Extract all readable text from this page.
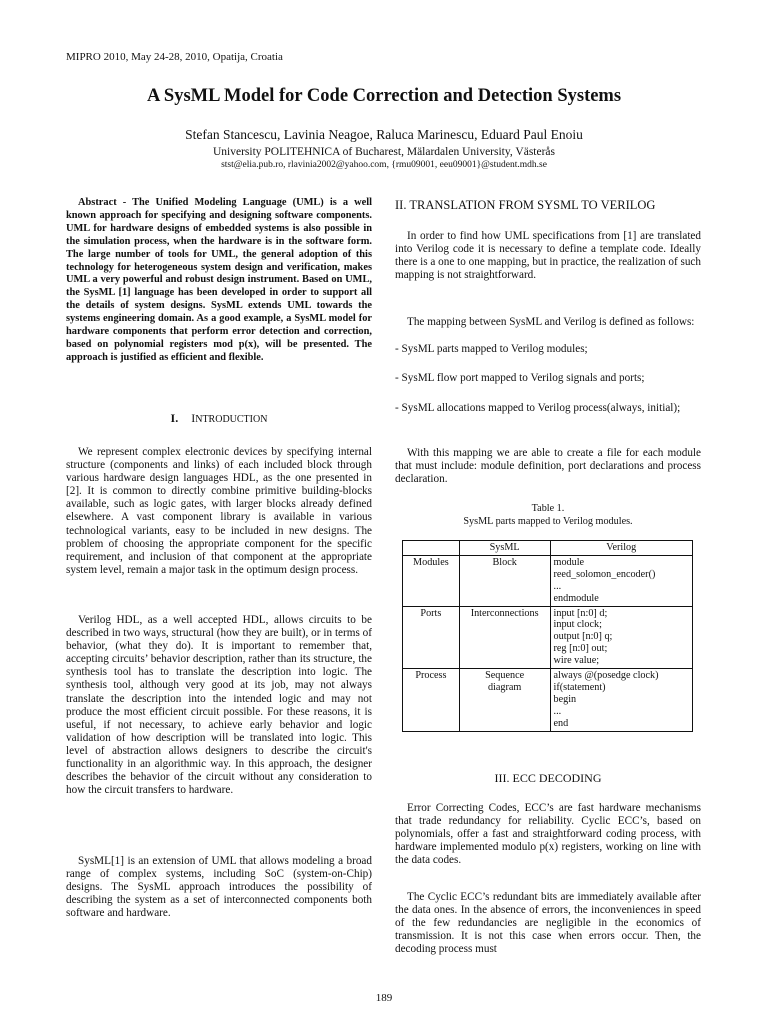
MIPRO 2010, May 24-28, 2010, Opatija, Croatia
A SysML Model for Code Correction and Detection Systems
Stefan Stancescu, Lavinia Neagoe, Raluca Marinescu, Eduard Paul Enoiu
University POLITEHNICA of Bucharest, Mälardalen University, Västerås
stst@elia.pub.ro, rlavinia2002@yahoo.com, {rmu09001, eeu09001}@student.mdh.se

Abstract - The Unified Modeling Language (UML) is a well known approach for specifying and designing software components. UML for hardware designs of embedded systems is also possible in the simulation process, when the hardware is in the software form. The large number of tools for UML, the general adoption of this technology for heterogeneous system design and verification, makes UML a very powerful and robust design instrument. Based on UML, the SysML [1] language has been developed in order to support all the details of system designs. SysML extends UML towards the systems engineering domain. As a good example, a SysML model for hardware components that perform error detection and correction, based on polynomial registers mod p(x), will be presented. The approach is justified as efficient and flexible.

I. INTRODUCTION

We represent complex electronic devices by specifying internal structure (components and links) of each included block through various hardware design languages HDL, as the one presented in [2]. It is common to directly combine primitive building-blocks available, such as logic gates, with larger blocks already defined elsewhere. A vast component library is available in various technological variants, easy to be included in new designs. The problem of choosing the appropriate component for the specific requirement, and inclusion of that component at the appropriate system level, remain a major task in the optimum design process.

Verilog HDL, as a well accepted HDL, allows circuits to be described in two ways, structural (how they are built), or in terms of behavior, (what they do). It is important to remember that, accepting circuits’ behavior description, rather than its structure, the synthesis tool has to translate the description into logic. The synthesis tool, although very good at its job, may not always translate the description into the intended logic and may not produce the most efficient circuit possible. For these reasons, it is useful, if not necessary, to achieve early behavior and logic validation of how description will be translated into logic. This level of abstraction allows designers to describe the circuit's functionality in an algorithmic way. In this approach, the designer describes the behavior of the circuit without any consideration to how the circuit transfers to hardware.

SysML[1] is an extension of UML that allows modeling a broad range of complex systems, including SoC (system-on-Chip) designs. The SysML approach introduces the possibility of describing the system as a set of interconnected components both software and hardware.

II. TRANSLATION FROM SYSML TO VERILOG

In order to find how UML specifications from [1] are translated into Verilog code it is necessary to define a template code. Ideally there is a one to one mapping, but in practice, the realization of such mapping is not straightforward.

The mapping between SysML and Verilog is defined as follows:

- SysML parts mapped to Verilog modules;
- SysML flow port mapped to Verilog signals and ports;
- SysML allocations mapped to Verilog process(always, initial);

With this mapping we are able to create a file for each module that must include: module definition, port declarations and process declaration.

Table 1.
SysML parts mapped to Verilog modules.
	SysML	Verilog
Modules	Block	module
reed_solomon_encoder()
...
endmodule

Ports	Interconnections	input [n:0] d;
input clock;
output [n:0] q;
reg [n:0] out;
wire value;

Process	Sequence diagram	always @(posedge clock)
if(statement)
begin
...
end
III. ECC DECODING

Error Correcting Codes, ECC’s are fast hardware mechanisms that trade redundancy for reliability. Cyclic ECC’s, based on polynomials, offer a fast and straightforward coding process, with hardware implemented modulo p(x) registers, working on line with the data codes.

The Cyclic ECC’s redundant bits are immediately available after the data ones. In the absence of errors, the inconveniences in speed of the few redundancies are negligible in the economics of transmission. It is not this case when errors occur. Then, the decoding process must

189
